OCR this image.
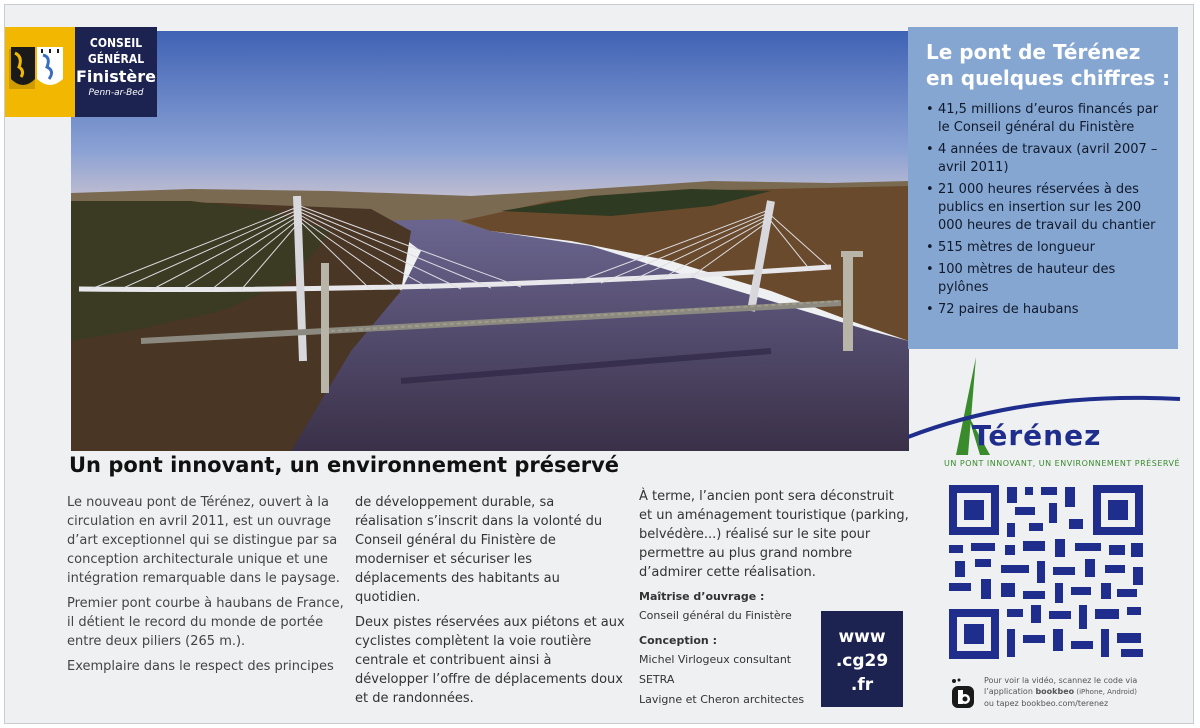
CONSEIL
GÉNÉRAL
Finistère
Penn-ar-Bed
Le pont de Térénez
en quelques chiffres :
• 41,5 millions d’euros financés par le Conseil général du Finistère
• 4 années de travaux (avril 2007 – avril 2011)
• 21 000 heures réservées à des publics en insertion sur les 200 000 heures de travail du chantier
• 515 mètres de longueur
• 100 mètres de hauteur des pylônes
• 72 paires de haubans
Térénez
UN PONT INNOVANT, UN ENVIRONNEMENT PRÉSERVÉ
Un pont innovant, un environnement préservé

Le nouveau pont de Térénez, ouvert à la circulation en avril 2011, est un ouvrage d’art exceptionnel qui se distingue par sa conception architecturale unique et une intégration remarquable dans le paysage.

Premier pont courbe à haubans de France, il détient le record du monde de portée entre deux piliers (265 m.).

Exemplaire dans le respect des principes

de développement durable, sa réalisation s’inscrit dans la volonté du Conseil général du Finistère de moderniser et sécuriser les déplacements des habitants au quotidien.

Deux pistes réservées aux piétons et aux cyclistes complètent la voie routière centrale et contribuent ainsi à développer l’offre de déplacements doux et de randonnées.

À terme, l’ancien pont sera déconstruit et un aménagement touristique (parking, belvédère...) réalisé sur le site pour permettre au plus grand nombre d’admirer cette réalisation.

Maîtrise d’ouvrage :
Conseil général du Finistère
Conception :
Michel Virlogeux consultant
SETRA
Lavigne et Cheron architectes
www
.cg29
.fr	Pour voir la vidéo, scannez le code via
l’application bookbeo (iPhone, Android)
ou tapez bookbeo.com/terenez
